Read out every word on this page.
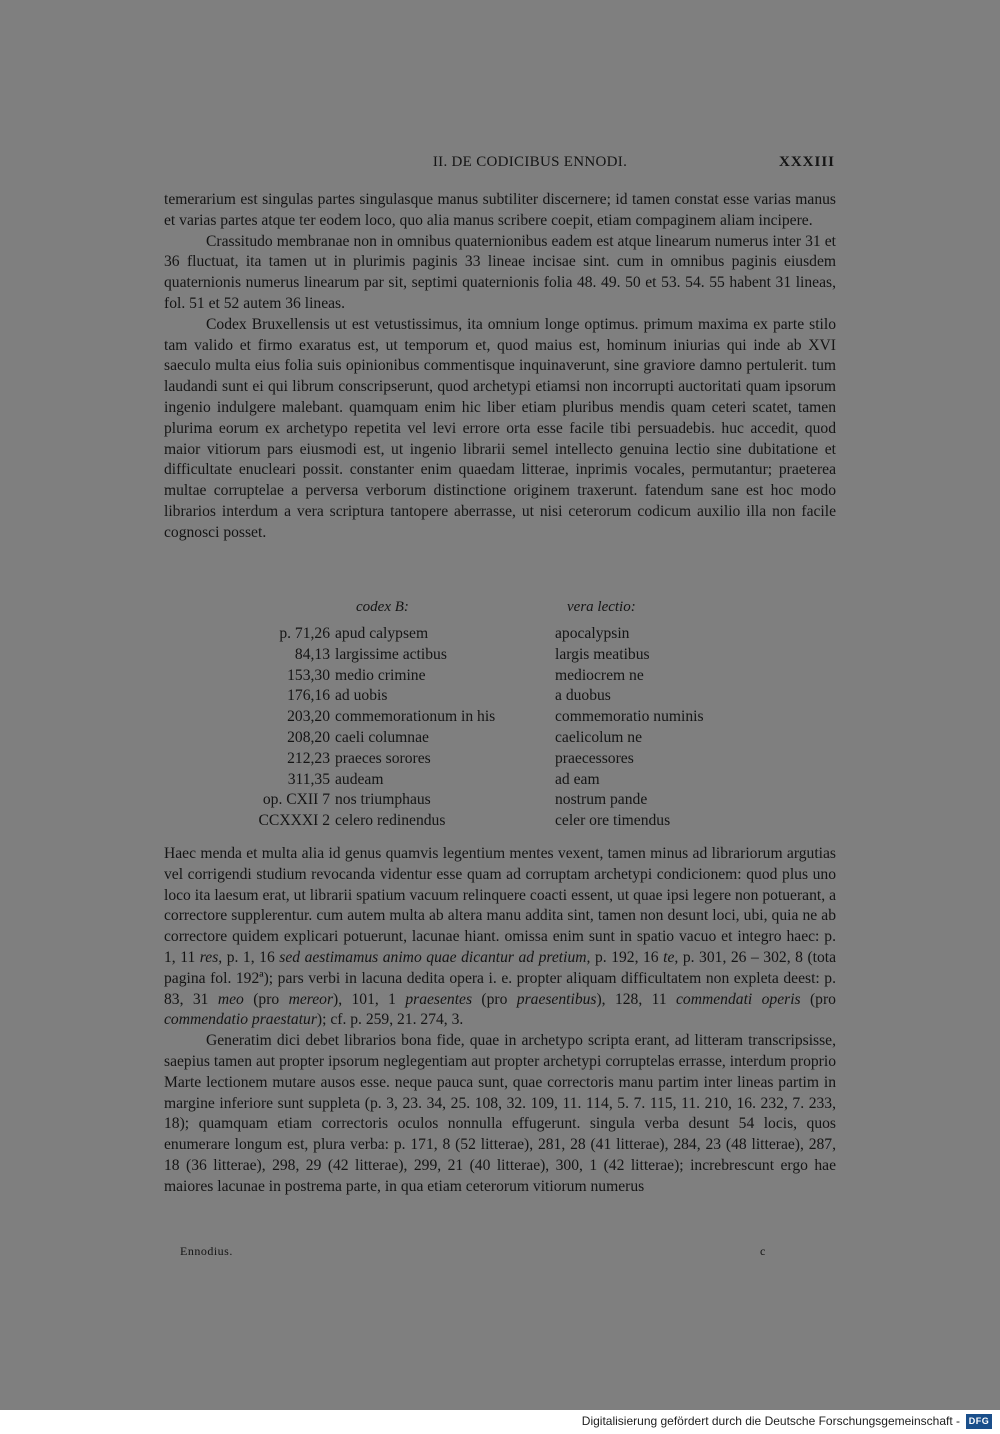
II. DE CODICIBUS ENNODI.	XXXIII

temerarium est singulas partes singulasque manus subtiliter discernere; id tamen constat esse varias manus et varias partes atque ter eodem loco, quo alia manus scribere coepit, etiam compaginem aliam incipere.

Crassitudo membranae non in omnibus quaternionibus eadem est atque linearum numerus inter 31 et 36 fluctuat, ita tamen ut in plurimis paginis 33 lineae incisae sint. cum in omnibus paginis eiusdem quaternionis numerus linearum par sit, septimi quaternionis folia 48. 49. 50 et 53. 54. 55 habent 31 lineas, fol. 51 et 52 autem 36 lineas.

Codex Bruxellensis ut est vetustissimus, ita omnium longe optimus. primum maxima ex parte stilo tam valido et firmo exaratus est, ut temporum et, quod maius est, hominum iniurias qui inde ab XVI saeculo multa eius folia suis opinionibus commentisque inquinaverunt, sine graviore damno pertulerit. tum laudandi sunt ei qui librum conscripserunt, quod archetypi etiamsi non incorrupti auctoritati quam ipsorum ingenio indulgere malebant. quamquam enim hic liber etiam pluribus mendis quam ceteri scatet, tamen plurima eorum ex archetypo repetita vel levi errore orta esse facile tibi persuadebis. huc accedit, quod maior vitiorum pars eiusmodi est, ut ingenio librarii semel intellecto genuina lectio sine dubitatione et difficultate enucleari possit. constanter enim quaedam litterae, inprimis vocales, permutantur; praeterea multae corruptelae a perversa verborum distinctione originem traxerunt. fatendum sane est hoc modo librarios interdum a vera scriptura tantopere aberrasse, ut nisi ceterorum codicum auxilio illa non facile cognosci posset.

codex B:	vera lectio:
p. 71,26 apud calypsem	apocalypsin
84,13 largissime actibus	largis meatibus
153,30 medio crimine	mediocrem ne
176,16 ad uobis	a duobus
203,20 commemorationum in his	commemoratio numinis
208,20 caeli columnae	caelicolum ne
212,23 praeces sorores	praecessores
311,35 audeam	ad eam
op. CXII 7 nos triumphaus	nostrum pande
CCXXXI 2 celero redinendus	celer ore timendus

Haec menda et multa alia id genus quamvis legentium mentes vexent, tamen minus ad librariorum argutias vel corrigendi studium revocanda videntur esse quam ad corruptam archetypi condicionem: quod plus uno loco ita laesum erat, ut librarii spatium vacuum relinquere coacti essent, ut quae ipsi legere non potuerant, a correctore supplerentur. cum autem multa ab altera manu addita sint, tamen non desunt loci, ubi, quia ne ab correctore quidem explicari potuerunt, lacunae hiant. omissa enim sunt in spatio vacuo et integro haec: p. 1, 11 res, p. 1, 16 sed aestimamus animo quae dicantur ad pretium, p. 192, 16 te, p. 301, 26 – 302, 8 (tota pagina fol. 192ª); pars verbi in lacuna dedita opera i. e. propter aliquam difficultatem non expleta deest: p. 83, 31 meo (pro mereor), 101, 1 praesentes (pro praesentibus), 128, 11 commendati operis (pro commendatio praestatur); cf. p. 259, 21. 274, 3.

Generatim dici debet librarios bona fide, quae in archetypo scripta erant, ad litteram transcripsisse, saepius tamen aut propter ipsorum neglegentiam aut propter archetypi corruptelas errasse, interdum proprio Marte lectionem mutare ausos esse. neque pauca sunt, quae correctoris manu partim inter lineas partim in margine inferiore sunt suppleta (p. 3, 23. 34, 25. 108, 32. 109, 11. 114, 5. 7. 115, 11. 210, 16. 232, 7. 233, 18); quamquam etiam correctoris oculos nonnulla effugerunt. singula verba desunt 54 locis, quos enumerare longum est, plura verba: p. 171, 8 (52 litterae), 281, 28 (41 litterae), 284, 23 (48 litterae), 287, 18 (36 litterae), 298, 29 (42 litterae), 299, 21 (40 litterae), 300, 1 (42 litterae); increbrescunt ergo hae maiores lacunae in postrema parte, in qua etiam ceterorum vitiorum numerus

Ennodius.	c
Digitalisierung gefördert durch die Deutsche Forschungsgemeinschaft - DFG
